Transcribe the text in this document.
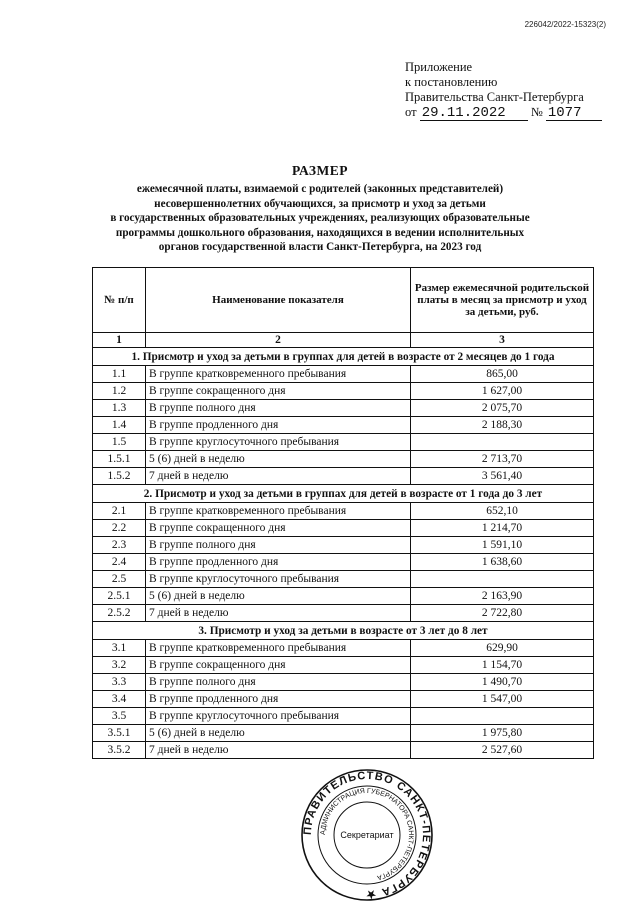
226042/2022-15323(2)
Приложение
к постановлению
Правительства Санкт-Петербурга
от 29.11.2022 № 1077
РАЗМЕР
ежемесячной платы, взимаемой с родителей (законных представителей)
несовершеннолетних обучающихся, за присмотр и уход за детьми
в государственных образовательных учреждениях, реализующих образовательные
программы дошкольного образования, находящихся в ведении исполнительных
органов государственной власти Санкт-Петербурга, на 2023 год
№ п/п	Наименование показателя	Размер ежемесячной родительской платы в месяц за присмотр и уход за детьми, руб.
1	2	3
1. Присмотр и уход за детьми в группах для детей в возрасте от 2 месяцев до 1 года		
1.1	В группе кратковременного пребывания	865,00
1.2	В группе сокращенного дня	1 627,00
1.3	В группе полного дня	2 075,70
1.4	В группе продленного дня	2 188,30
1.5	В группе круглосуточного пребывания	
1.5.1	5 (6) дней в неделю	2 713,70
1.5.2	7 дней в неделю	3 561,40
2. Присмотр и уход за детьми в группах для детей в возрасте от 1 года до 3 лет		
2.1	В группе кратковременного пребывания	652,10
2.2	В группе сокращенного дня	1 214,70
2.3	В группе полного дня	1 591,10
2.4	В группе продленного дня	1 638,60
2.5	В группе круглосуточного пребывания	
2.5.1	5 (6) дней в неделю	2 163,90
2.5.2	7 дней в неделю	2 722,80
3. Присмотр и уход за детьми в возрасте от 3 лет до 8 лет		
3.1	В группе кратковременного пребывания	629,90
3.2	В группе сокращенного дня	1 154,70
3.3	В группе полного дня	1 490,70
3.4	В группе продленного дня	1 547,00
3.5	В группе круглосуточного пребывания	
3.5.1	5 (6) дней в неделю	1 975,80
3.5.2	7 дней в неделю	2 527,60
ПРАВИТЕЛЬСТВО САНКТ-ПЕТЕРБУРГА ★
АДМИНИСТРАЦИЯ ГУБЕРНАТОРА САНКТ-ПЕТЕРБУРГА
Секретариат
